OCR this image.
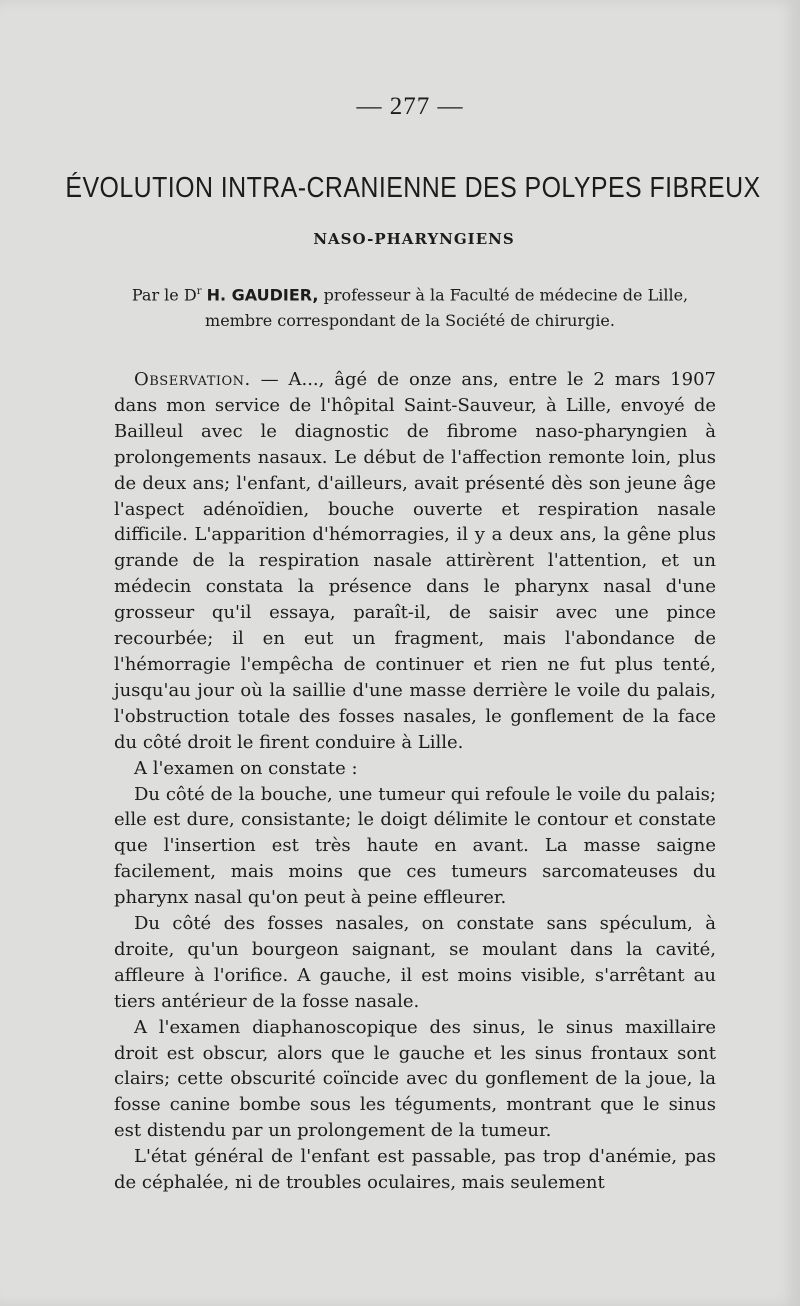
— 277 —
ÉVOLUTION INTRA-CRANIENNE DES POLYPES FIBREUX
NASO-PHARYNGIENS
Par le $D^r$ H. GAUDIER, professeur à la Faculté de médecine de Lille,
membre correspondant de la Société de chirurgie.

Observation. — A..., âgé de onze ans, entre le 2 mars 1907 dans mon service de l'hôpital Saint-Sauveur, à Lille, envoyé de Bailleul avec le diagnostic de fibrome naso-pharyngien à prolongements nasaux. Le début de l'affection remonte loin, plus de deux ans; l'enfant, d'ailleurs, avait présenté dès son jeune âge l'aspect adénoïdien, bouche ouverte et respiration nasale difficile. L'apparition d'hémorragies, il y a deux ans, la gêne plus grande de la respiration nasale attirèrent l'attention, et un médecin constata la présence dans le pharynx nasal d'une grosseur qu'il essaya, paraît-il, de saisir avec une pince recourbée; il en eut un fragment, mais l'abondance de l'hémorragie l'empêcha de continuer et rien ne fut plus tenté, jusqu'au jour où la saillie d'une masse derrière le voile du palais, l'obstruction totale des fosses nasales, le gonflement de la face du côté droit le firent conduire à Lille.

A l'examen on constate :

Du côté de la bouche, une tumeur qui refoule le voile du palais; elle est dure, consistante; le doigt délimite le contour et constate que l'insertion est très haute en avant. La masse saigne facilement, mais moins que ces tumeurs sarcomateuses du pharynx nasal qu'on peut à peine effleurer.

Du côté des fosses nasales, on constate sans spéculum, à droite, qu'un bourgeon saignant, se moulant dans la cavité, affleure à l'orifice. A gauche, il est moins visible, s'arrêtant au tiers antérieur de la fosse nasale.

A l'examen diaphanoscopique des sinus, le sinus maxillaire droit est obscur, alors que le gauche et les sinus frontaux sont clairs; cette obscurité coïncide avec du gonflement de la joue, la fosse canine bombe sous les téguments, montrant que le sinus est distendu par un prolongement de la tumeur.

L'état général de l'enfant est passable, pas trop d'anémie, pas de céphalée, ni de troubles oculaires, mais seulement
